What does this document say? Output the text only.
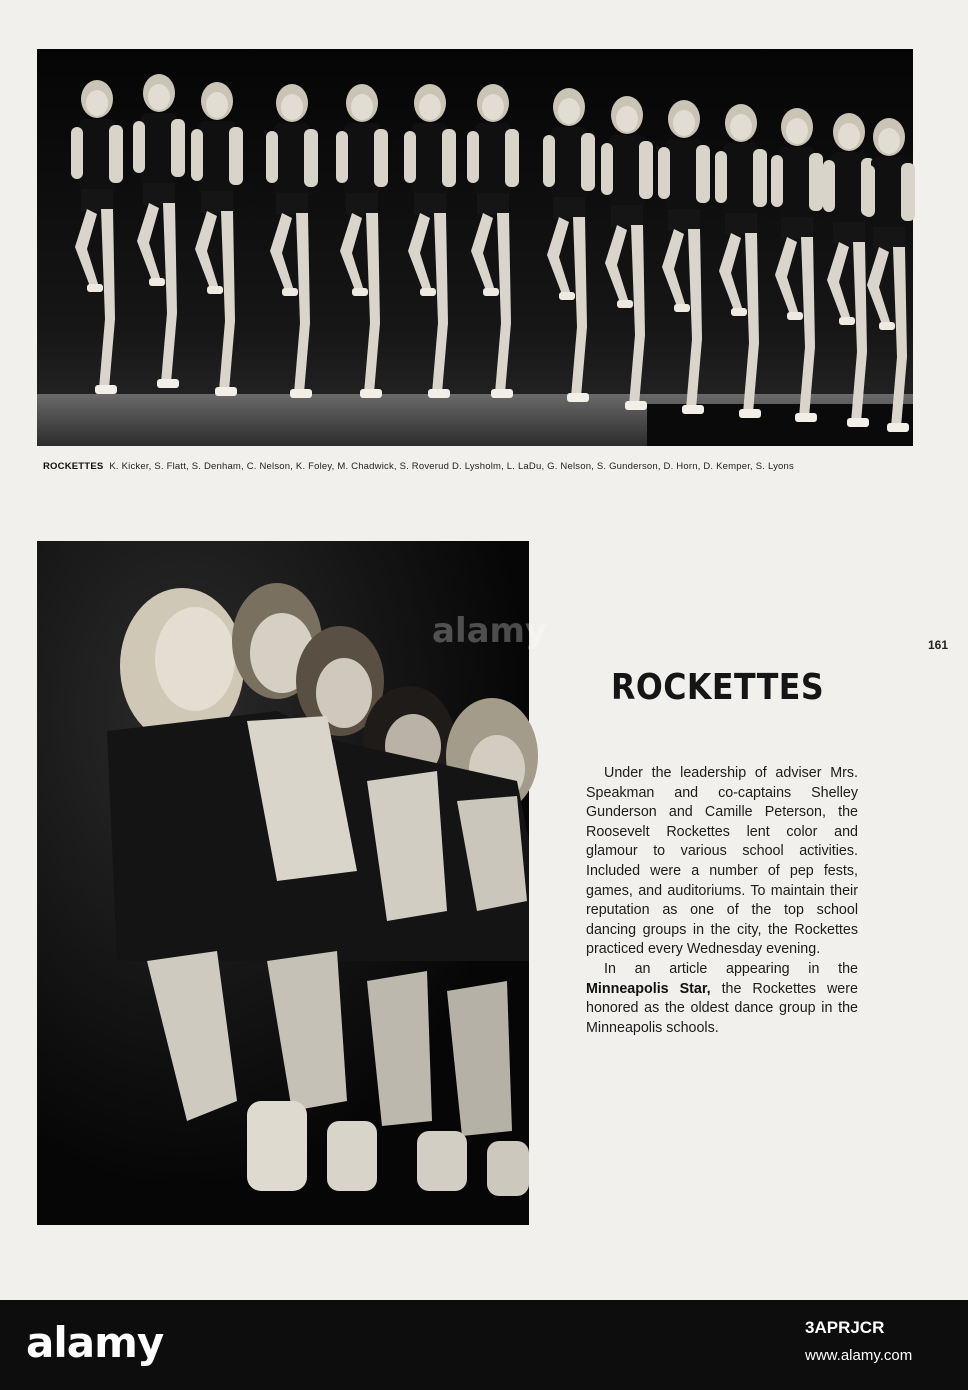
ROCKETTES K. Kicker, S. Flatt, S. Denham, C. Nelson, K. Foley, M. Chadwick, S. Roverud D. Lysholm, L. LaDu, G. Nelson, S. Gunderson, D. Horn, D. Kemper, S. Lyons
alamy	161
ROCKETTES

Under the leadership of adviser Mrs. Speakman and co-captains Shelley Gunderson and Camille Peterson, the Roosevelt Rockettes lent color and glamour to various school activities. Included were a number of pep fests, games, and auditoriums. To maintain their reputation as one of the top school dancing groups in the city, the Rockettes practiced every Wednesday evening.

In an article appearing in the Minneapolis Star, the Rockettes were honored as the oldest dance group in the Minneapolis schools.

alamy	3APRJCR
www.alamy.com
